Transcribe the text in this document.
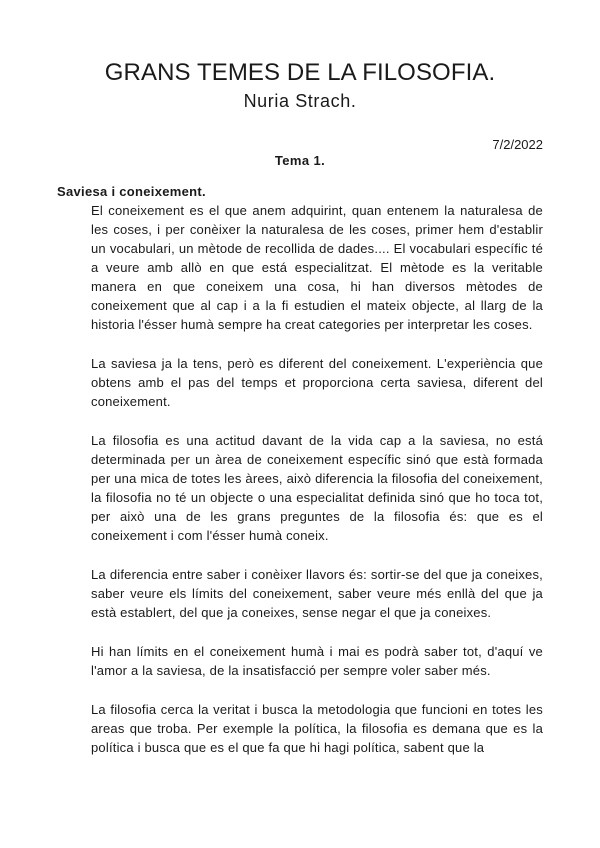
GRANS TEMES DE LA FILOSOFIA.
Nuria Strach.
7/2/2022
Tema 1.
Saviesa i coneixement.

El coneixement es el que anem adquirint, quan entenem la naturalesa de les coses, i per conèixer la naturalesa de les coses, primer hem d'establir un vocabulari, un mètode de recollida de dades.... El vocabulari específic té a veure amb allò en que está especialitzat. El mètode es la veritable manera en que coneixem una cosa, hi han diversos mètodes de coneixement que al cap i a la fi estudien el mateix objecte, al llarg de la historia l'ésser humà sempre ha creat categories per interpretar les coses.

La saviesa ja la tens, però es diferent del coneixement. L'experiència que obtens amb el pas del temps et proporciona certa saviesa, diferent del coneixement.

La filosofia es una actitud davant de la vida cap a la saviesa, no está determinada per un àrea de coneixement específic sinó que està formada per una mica de totes les àrees, això diferencia la filosofia del coneixement, la filosofia no té un objecte o una especialitat definida sinó que ho toca tot, per això una de les grans preguntes de la filosofia és: que es el coneixement i com l'ésser humà coneix.

La diferencia entre saber i conèixer llavors és: sortir-se del que ja coneixes, saber veure els límits del coneixement, saber veure més enllà del que ja està establert, del que ja coneixes, sense negar el que ja coneixes.

Hi han límits en el coneixement humà i mai es podrà saber tot, d'aquí ve l'amor a la saviesa, de la insatisfacció per sempre voler saber més.

La filosofia cerca la veritat i busca la metodologia que funcioni en totes les areas que troba. Per exemple la política, la filosofia es demana que es la política i busca que es el que fa que hi hagi política, sabent que la
